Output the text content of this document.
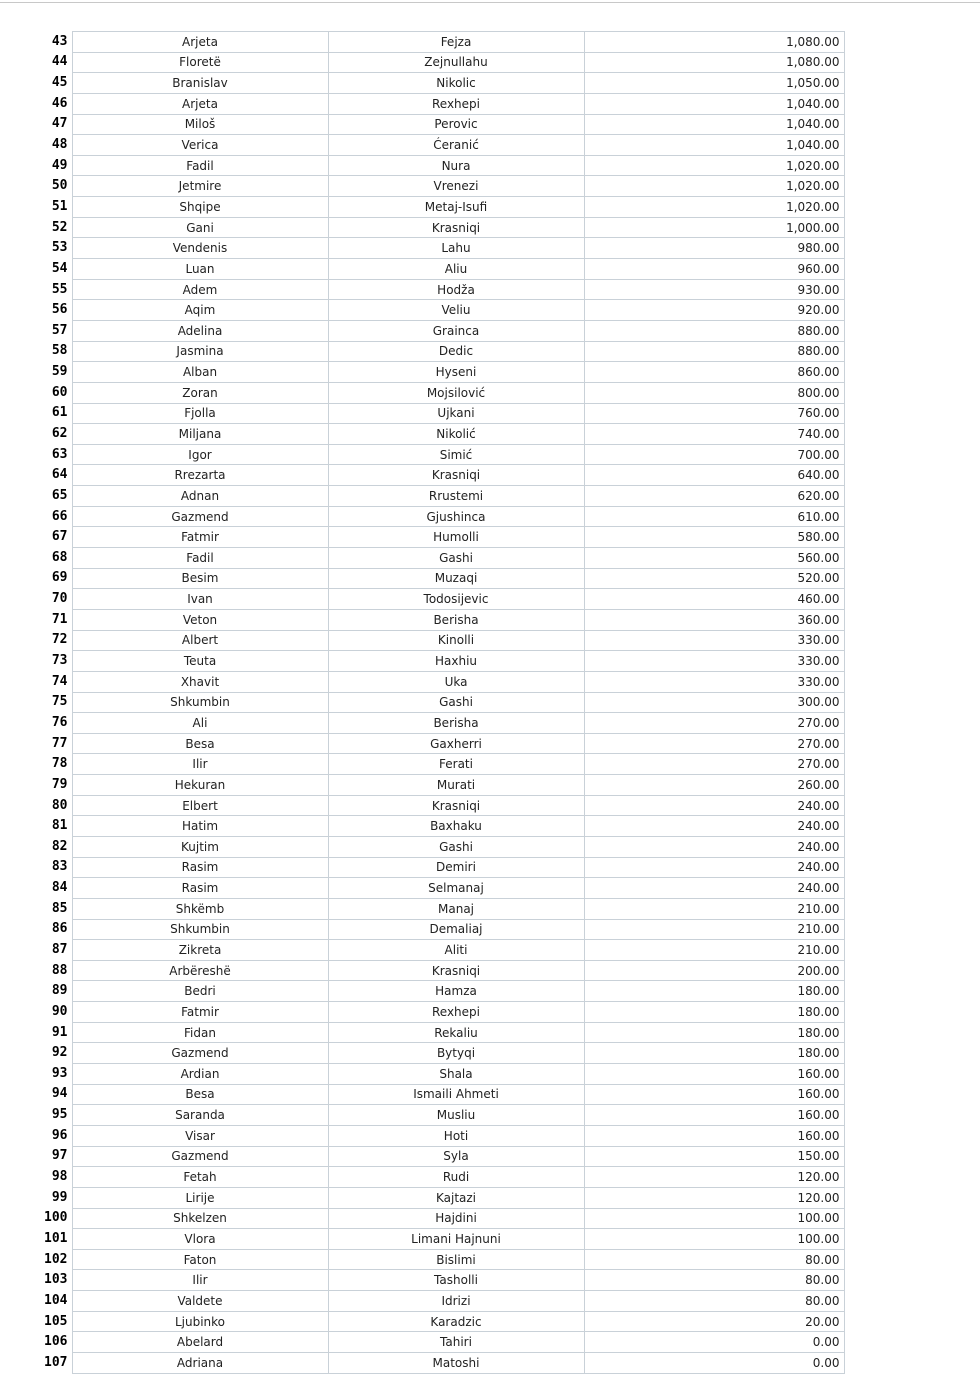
43	Arjeta	Fejza	1,080.00
44	Floretë	Zejnullahu	1,080.00
45	Branislav	Nikolic	1,050.00
46	Arjeta	Rexhepi	1,040.00
47	Miloš	Perovic	1,040.00
48	Verica	Ćeranić	1,040.00
49	Fadil	Nura	1,020.00
50	Jetmire	Vrenezi	1,020.00
51	Shqipe	Metaj-Isufi	1,020.00
52	Gani	Krasniqi	1,000.00
53	Vendenis	Lahu	980.00
54	Luan	Aliu	960.00
55	Adem	Hodža	930.00
56	Aqim	Veliu	920.00
57	Adelina	Grainca	880.00
58	Jasmina	Dedic	880.00
59	Alban	Hyseni	860.00
60	Zoran	Mojsilović	800.00
61	Fjolla	Ujkani	760.00
62	Miljana	Nikolić	740.00
63	Igor	Simić	700.00
64	Rrezarta	Krasniqi	640.00
65	Adnan	Rrustemi	620.00
66	Gazmend	Gjushinca	610.00
67	Fatmir	Humolli	580.00
68	Fadil	Gashi	560.00
69	Besim	Muzaqi	520.00
70	Ivan	Todosijevic	460.00
71	Veton	Berisha	360.00
72	Albert	Kinolli	330.00
73	Teuta	Haxhiu	330.00
74	Xhavit	Uka	330.00
75	Shkumbin	Gashi	300.00
76	Ali	Berisha	270.00
77	Besa	Gaxherri	270.00
78	Ilir	Ferati	270.00
79	Hekuran	Murati	260.00
80	Elbert	Krasniqi	240.00
81	Hatim	Baxhaku	240.00
82	Kujtim	Gashi	240.00
83	Rasim	Demiri	240.00
84	Rasim	Selmanaj	240.00
85	Shkëmb	Manaj	210.00
86	Shkumbin	Demaliaj	210.00
87	Zikreta	Aliti	210.00
88	Arbëreshë	Krasniqi	200.00
89	Bedri	Hamza	180.00
90	Fatmir	Rexhepi	180.00
91	Fidan	Rekaliu	180.00
92	Gazmend	Bytyqi	180.00
93	Ardian	Shala	160.00
94	Besa	Ismaili Ahmeti	160.00
95	Saranda	Musliu	160.00
96	Visar	Hoti	160.00
97	Gazmend	Syla	150.00
98	Fetah	Rudi	120.00
99	Lirije	Kajtazi	120.00
100	Shkelzen	Hajdini	100.00
101	Vlora	Limani Hajnuni	100.00
102	Faton	Bislimi	80.00
103	Ilir	Tasholli	80.00
104	Valdete	Idrizi	80.00
105	Ljubinko	Karadzic	20.00
106	Abelard	Tahiri	0.00
107	Adriana	Matoshi	0.00
